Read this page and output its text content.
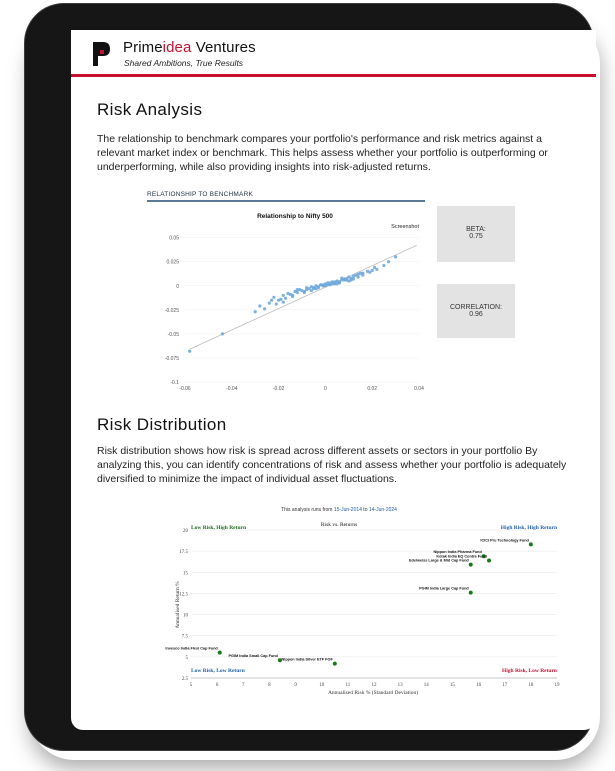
Primeidea Ventures
Shared Ambitions, True Results
Risk Analysis
The relationship to benchmark compares your portfolio's performance and risk metrics against a relevant market index or benchmark. This helps assess whether your portfolio is outperforming or underperforming, while also providing insights into risk-adjusted returns.
RELATIONSHIP TO BENCHMARK
Relationship to Nifty 500
Screenshot
0.05
0.025
0
-0.025
-0.05
-0.075
-0.1
-0.06	-0.04	-0.02	0	0.02	0.04
BETA:
0.75
CORRELATION:
0.96
Risk Distribution
Risk distribution shows how risk is spread across different assets or sectors in your portfolio By analyzing this, you can identify concentrations of risk and assess whether your portfolio is adequately diversified to minimize the impact of individual asset fluctuations.
This analysis runs from 15-Jun-2014 to 14-Jun-2024
Risk vs. Returns
Low Risk, High Return	High Risk, High Return
Low Risk, Low Return	High Risk, Low Return
20
17.5
15
12.5
10
7.5
5
2.5
5	6	7	8	9	10	11	12	13	14	15	16	17	18	19
ICICI Pru Technology Fund
Nippon India Pharma Fund
Kotak India EQ Contra Fund
Edelweiss Large & Mid Cap Fund
PGIM India Large Cap Fund
Invesco India Flexi Cap Fund
PGIM India Small Cap Fund
Nippon India Silver ETF FOF
Annualised Risk % (Standard Deviation)
Annualised Return %
